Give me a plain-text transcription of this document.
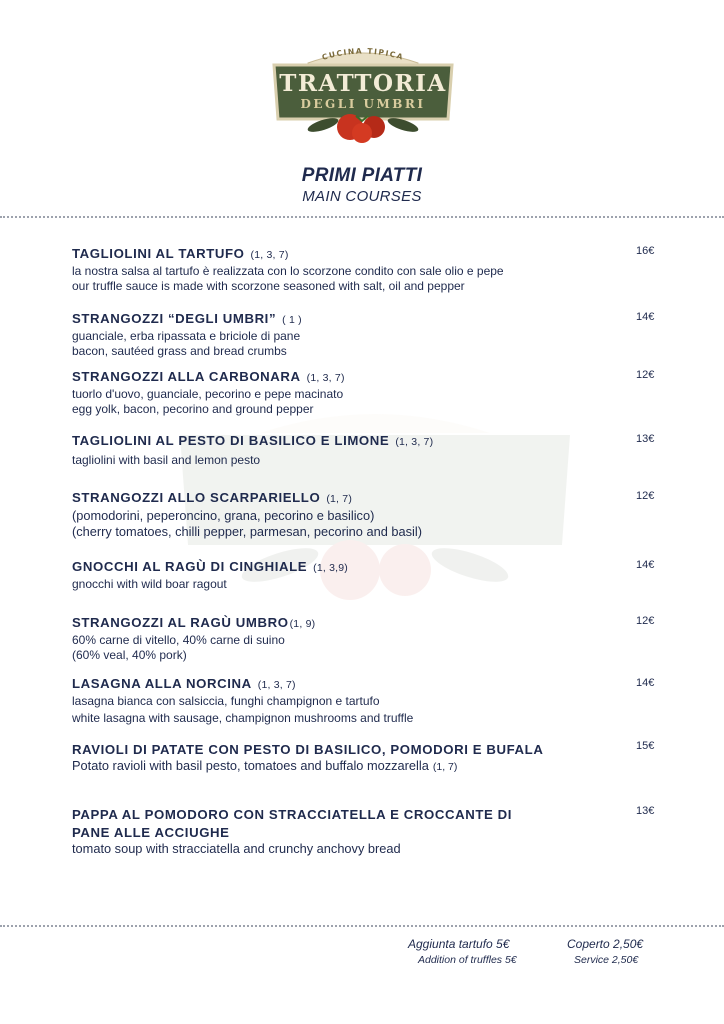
CUCINA TIPICA
TRATTORIA
DEGLI UMBRI
PRIMI PIATTI
MAIN COURSES
TAGLIOLINI AL TARTUFO (1, 3, 7)
la nostra salsa al tartufo è realizzata con lo scorzone condito con sale olio e pepe
our truffle sauce is made with scorzone seasoned with salt, oil and pepper
16€
STRANGOZZI “DEGLI UMBRI” ( 1 )
guanciale, erba ripassata e briciole di pane
bacon, sautéed grass and bread crumbs
14€
STRANGOZZI ALLA CARBONARA (1, 3, 7)
tuorlo d'uovo, guanciale, pecorino e pepe macinato
egg yolk, bacon, pecorino and ground pepper
12€
TAGLIOLINI AL PESTO DI BASILICO E LIMONE (1, 3, 7)
tagliolini with basil and lemon pesto
13€
STRANGOZZI ALLO SCARPARIELLO (1, 7)
(pomodorini, peperoncino, grana, pecorino e basilico)
(cherry tomatoes, chilli pepper, parmesan, pecorino and basil)
12€
GNOCCHI AL RAGÙ DI CINGHIALE (1, 3,9)
gnocchi with wild boar ragout
14€
STRANGOZZI AL RAGÙ UMBRO(1, 9)
60% carne di vitello, 40% carne di suino
(60% veal, 40% pork)
12€
LASAGNA ALLA NORCINA (1, 3, 7)
lasagna bianca con salsiccia, funghi champignon e tartufo
white lasagna with sausage, champignon mushrooms and truffle
14€
RAVIOLI DI PATATE CON PESTO DI BASILICO, POMODORI E BUFALA
Potato ravioli with basil pesto, tomatoes and buffalo mozzarella (1, 7)
15€
PAPPA AL POMODORO CON STRACCIATELLA E CROCCANTE DI
PANE ALLE ACCIUGHE
tomato soup with stracciatella and crunchy anchovy bread
13€
Aggiunta tartufo 5€
Addition of truffles 5€
Coperto 2,50€
Service 2,50€
